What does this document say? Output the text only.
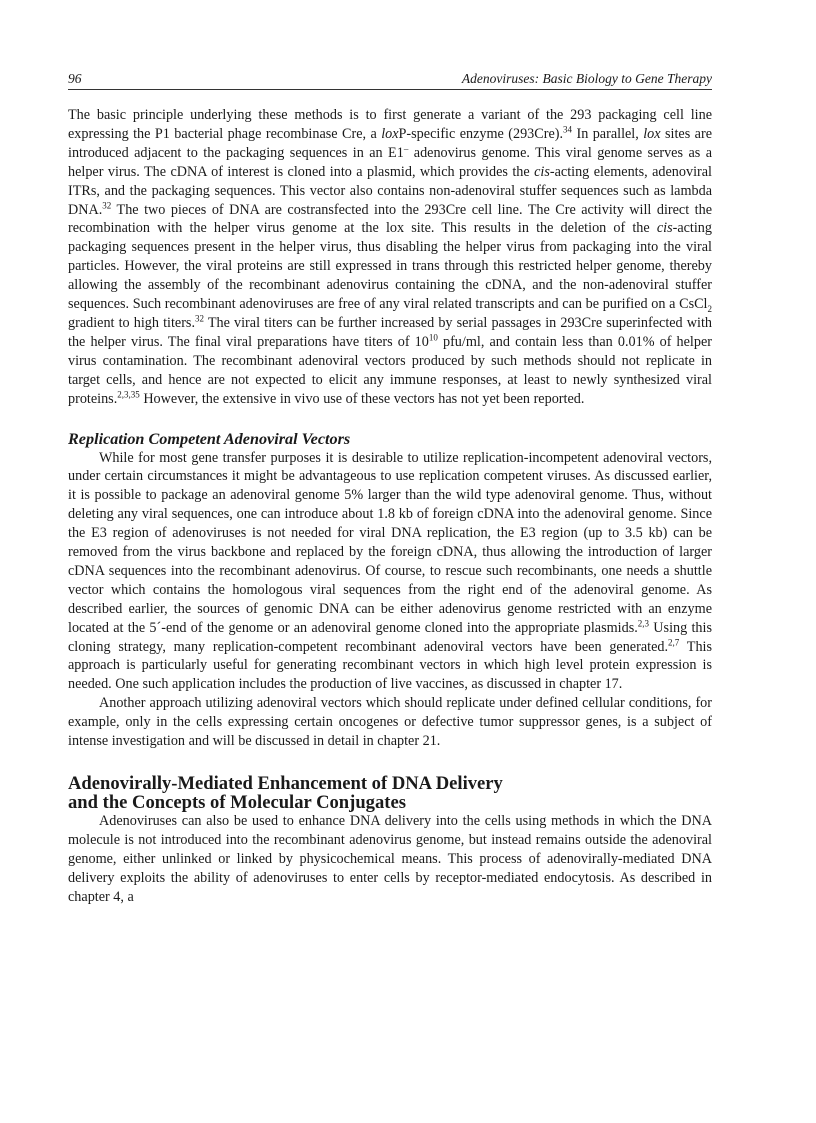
96	Adenoviruses: Basic Biology to Gene Therapy

The basic principle underlying these methods is to first generate a variant of the 293 packaging cell line expressing the P1 bacterial phage recombinase Cre, a loxP-specific enzyme (293Cre).$^{34}$ In parallel, lox sites are introduced adjacent to the packaging sequences in an E1– adenovirus genome. This viral genome serves as a helper virus. The cDNA of interest is cloned into a plasmid, which provides the cis-acting elements, adenoviral ITRs, and the packaging sequences. This vector also contains non-adenoviral stuffer sequences such as lambda DNA.$^{32}$ The two pieces of DNA are costransfected into the 293Cre cell line. The Cre activity will direct the recombination with the helper virus genome at the lox site. This results in the deletion of the cis-acting packaging sequences present in the helper virus, thus disabling the helper virus from packaging into the viral particles. However, the viral proteins are still expressed in trans through this restricted helper genome, thereby allowing the assembly of the recombinant adenovirus containing the cDNA, and the non-adenoviral stuffer sequences. Such recombinant adenoviruses are free of any viral related transcripts and can be purified on a CsCl$_2$ gradient to high titers.$^{32}$ The viral titers can be further increased by serial passages in 293Cre superinfected with the helper virus. The final viral preparations have titers of $10^{10}$ pfu/ml, and contain less than 0.01% of helper virus contamination. The recombinant adenoviral vectors produced by such methods should not replicate in target cells, and hence are not expected to elicit any immune responses, at least to newly synthesized viral proteins.$^{2,3,35}$ However, the extensive in vivo use of these vectors has not yet been reported.

Replication Competent Adenoviral Vectors

While for most gene transfer purposes it is desirable to utilize replication-incompetent adenoviral vectors, under certain circumstances it might be advantageous to use replication competent viruses. As discussed earlier, it is possible to package an adenoviral genome 5% larger than the wild type adenoviral genome. Thus, without deleting any viral sequences, one can introduce about 1.8 kb of foreign cDNA into the adenoviral genome. Since the E3 region of adenoviruses is not needed for viral DNA replication, the E3 region (up to 3.5 kb) can be removed from the virus backbone and replaced by the foreign cDNA, thus allowing the introduction of larger cDNA sequences into the recombinant adenovirus. Of course, to rescue such recombinants, one needs a shuttle vector which contains the homologous viral sequences from the right end of the adenoviral genome. As described earlier, the sources of genomic DNA can be either adenovirus genome restricted with an enzyme located at the 5´-end of the genome or an adenoviral genome cloned into the appropriate plasmids.$^{2,3}$ Using this cloning strategy, many replication-competent recombinant adenoviral vectors have been generated.$^{2,7}$ This approach is particularly useful for generating recombinant vectors in which high level protein expression is needed. One such application includes the production of live vaccines, as discussed in chapter 17.

Another approach utilizing adenoviral vectors which should replicate under defined cellular conditions, for example, only in the cells expressing certain oncogenes or defective tumor suppressor genes, is a subject of intense investigation and will be discussed in detail in chapter 21.

Adenovirally-Mediated Enhancement of DNA Delivery
and the Concepts of Molecular Conjugates

Adenoviruses can also be used to enhance DNA delivery into the cells using methods in which the DNA molecule is not introduced into the recombinant adenovirus genome, but instead remains outside the adenoviral genome, either unlinked or linked by physicochemical means. This process of adenovirally-mediated DNA delivery exploits the ability of adenoviruses to enter cells by receptor-mediated endocytosis. As described in chapter 4, a
